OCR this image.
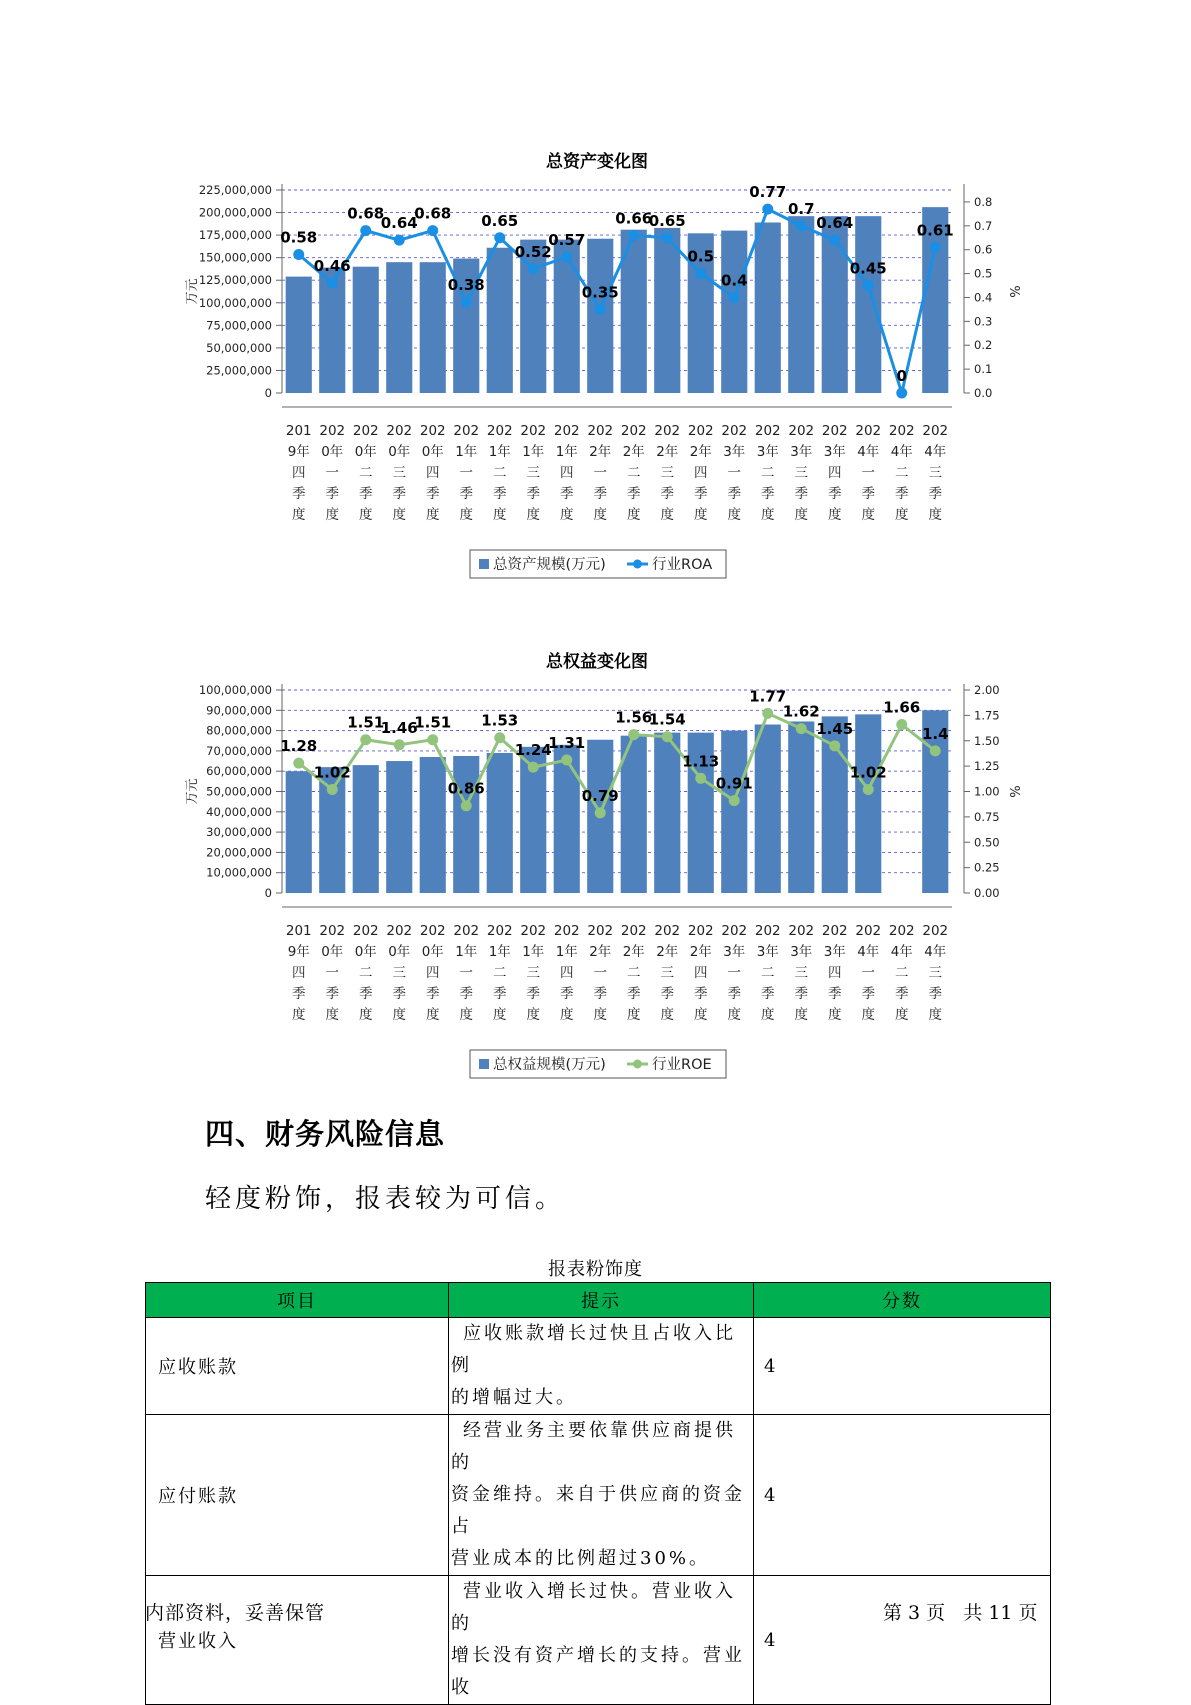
总资产变化图
0
25,000,000
50,000,000
75,000,000
100,000,000
125,000,000
150,000,000
175,000,000
200,000,000
225,000,000
0.0
0.1
0.2
0.3
0.4
0.5
0.6
0.7
0.8
万元	%
0.58
0.46
0.68
0.64
0.68
0.38
0.65
0.52
0.57
0.35
0.66
0.65
0.5
0.4
0.77
0.7
0.64
0.45
0
0.61
201
9年
四
季
度
202
0年
一
季
度
202
0年
二
季
度
202
0年
三
季
度
202
0年
四
季
度
202
1年
一
季
度
202
1年
二
季
度
202
1年
三
季
度
202
1年
四
季
度
202
2年
一
季
度
202
2年
二
季
度
202
2年
三
季
度
202
2年
四
季
度
202
3年
一
季
度
202
3年
二
季
度
202
3年
三
季
度
202
3年
四
季
度
202
4年
一
季
度
202
4年
二
季
度
202
4年
三
季
度
总资产规模(万元)	行业ROA
总权益变化图
0
10,000,000
20,000,000
30,000,000
40,000,000
50,000,000
60,000,000
70,000,000
80,000,000
90,000,000
100,000,000
0.00
0.25
0.50
0.75
1.00
1.25
1.50
1.75
2.00
万元	%
1.28
1.02
1.51
1.46
1.51
0.86
1.53
1.24
1.31
0.79
1.56
1.54
1.13
0.91
1.77
1.62
1.45
1.02
1.66
1.4
201
9年
四
季
度
202
0年
一
季
度
202
0年
二
季
度
202
0年
三
季
度
202
0年
四
季
度
202
1年
一
季
度
202
1年
二
季
度
202
1年
三
季
度
202
1年
四
季
度
202
2年
一
季
度
202
2年
二
季
度
202
2年
三
季
度
202
2年
四
季
度
202
3年
一
季
度
202
3年
二
季
度
202
3年
三
季
度
202
3年
四
季
度
202
4年
一
季
度
202
4年
二
季
度
202
4年
三
季
度
总权益规模(万元)	行业ROE
四、财务风险信息
轻度粉饰，报表较为可信。
报表粉饰度
项目	提示	分数
应收账款	应收账款增长过快且占收入比例
的增幅过大。	4
应付账款	经营业务主要依靠供应商提供的
资金维持。来自于供应商的资金占
营业成本的比例超过30%。	4
营业收入	营业收入增长过快。营业收入的
增长没有资产增长的支持。营业收	4
内部资料，妥善保管	第 3 页   共 11 页
